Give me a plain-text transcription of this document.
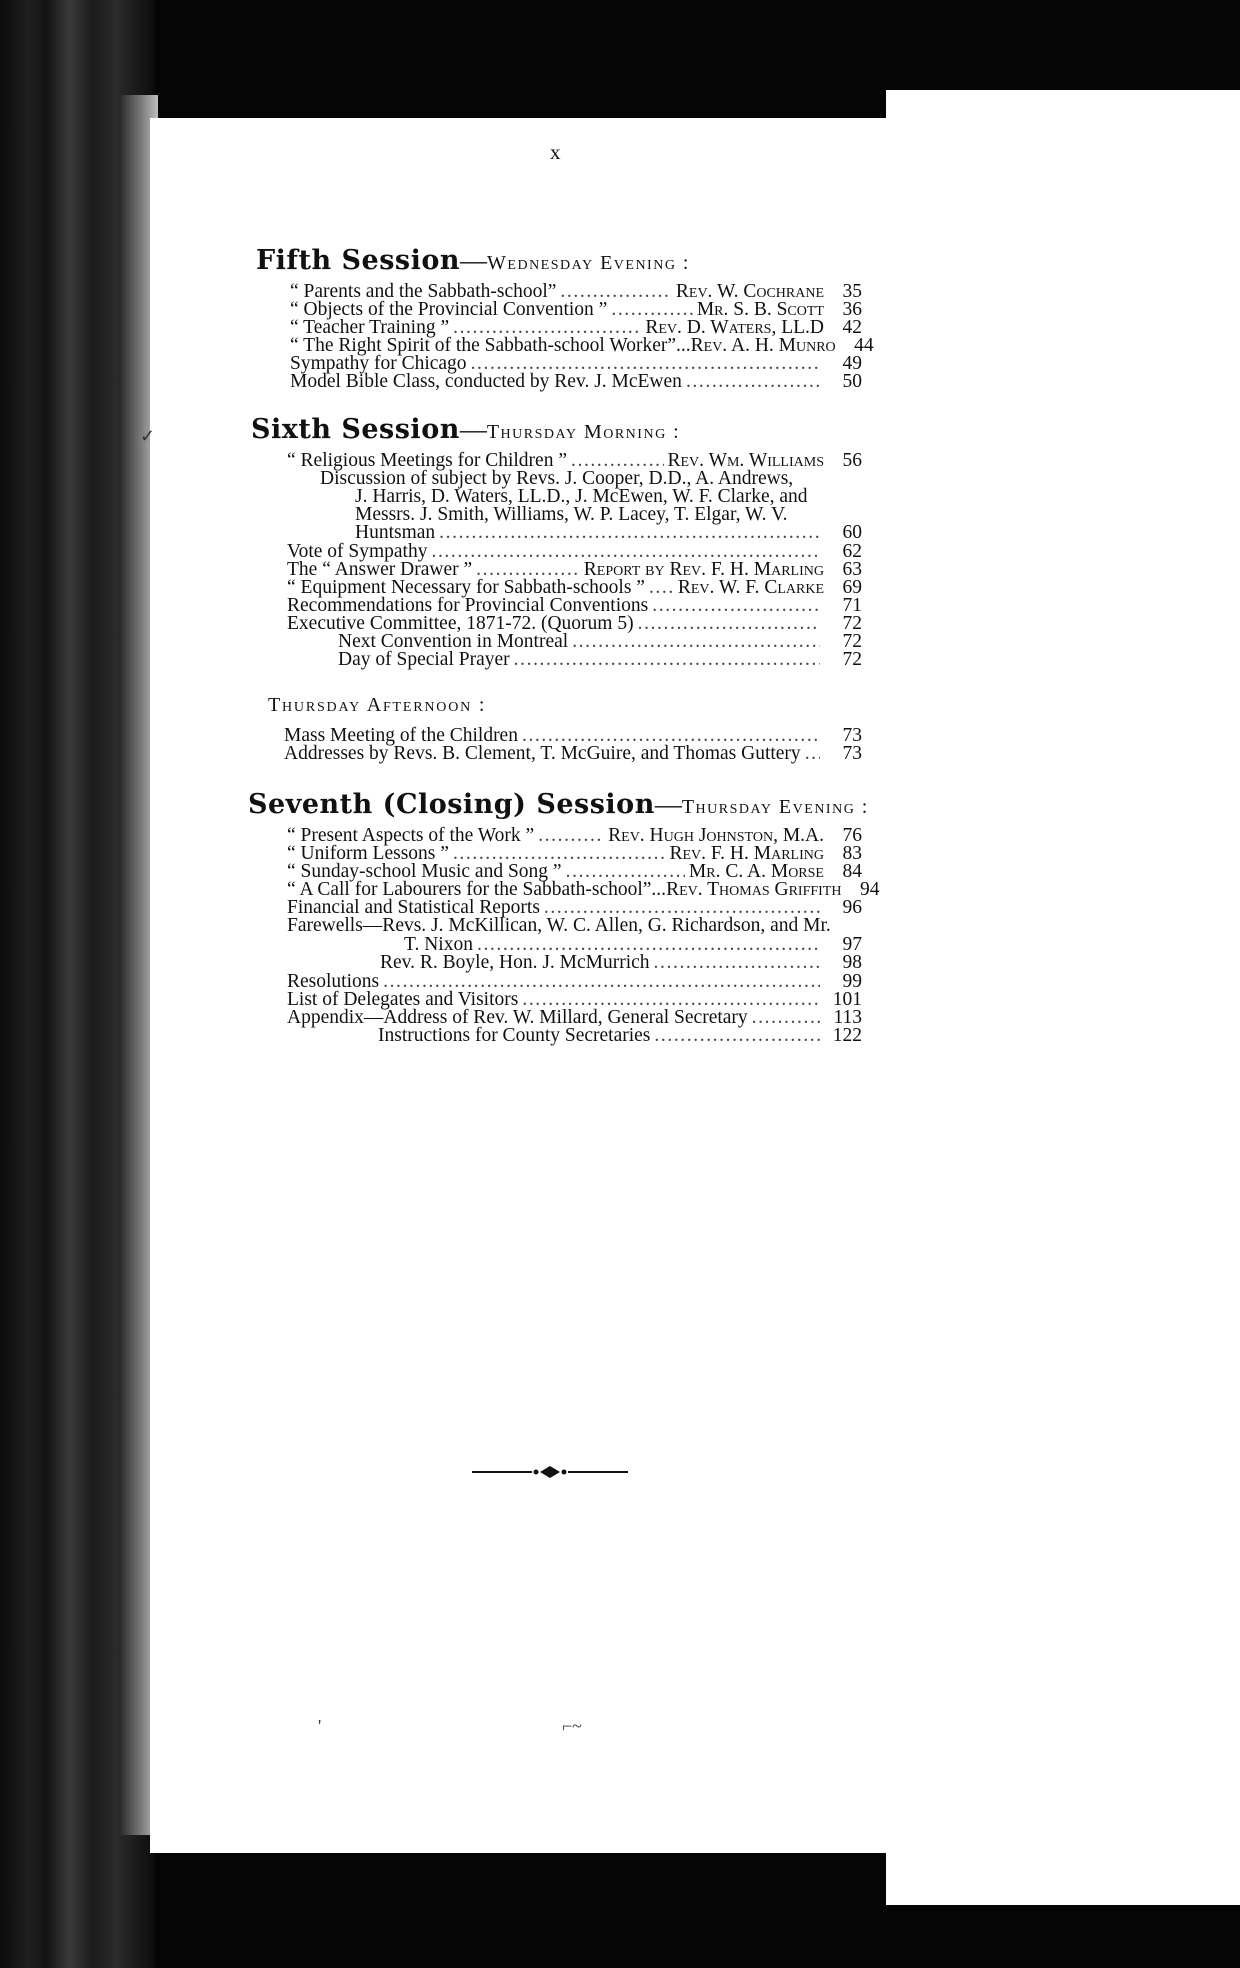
x
Fifth Session—Wednesday Evening :
“ Parents and the Sabbath-school” .....	Rev. W. Cochrane 35
“ Objects of the Provincial Convention ” .....	Mr. S. B. Scott 36
“ Teacher Training ” .....	Rev. D. Waters, LL.D 42
“ The Right Spirit of the Sabbath-school Worker”... Rev. A. H. Munro 44
Sympathy for Chicago .....	49
Model Bible Class, conducted by Rev. J. McEwen .....	50
Sixth Session—Thursday Morning :
✓
“ Religious Meetings for Children ” .....	Rev. Wm. Williams 56
Discussion of subject by Revs. J. Cooper, D.D., A. Andrews,
J. Harris, D. Waters, LL.D., J. McEwen, W. F. Clarke, and
Messrs. J. Smith, Williams, W. P. Lacey, T. Elgar, W. V.
Huntsman .....	60
Vote of Sympathy .....	62
The “ Answer Drawer ” .....	Report by Rev. F. H. Marling 63
“ Equipment Necessary for Sabbath-schools ” ..... Rev. W. F. Clarke 69
Recommendations for Provincial Conventions .....	71
Executive Committee, 1871-72. (Quorum 5) .....	72
Next Convention in Montreal .....	72
Day of Special Prayer .....	72
Thursday Afternoon :
Mass Meeting of the Children .....	73
Addresses by Revs. B. Clement, T. McGuire, and Thomas Guttery .....	73
Seventh (Closing) Session—Thursday Evening :
“ Present Aspects of the Work ” .....	Rev. Hugh Johnston, M.A. 76
“ Uniform Lessons ” .....	Rev. F. H. Marling 83
“ Sunday-school Music and Song ” .....	Mr. C. A. Morse 84
“ A Call for Labourers for the Sabbath-school”... Rev. Thomas Griffith 94
Financial and Statistical Reports .....	96
Farewells—Revs. J. McKillican, W. C. Allen, G. Richardson, and Mr.
T. Nixon .....	97
Rev. R. Boyle, Hon. J. McMurrich .....	98
Resolutions .....	99
List of Delegates and Visitors .....	101
Appendix—Address of Rev. W. Millard, General Secretary .....	113
Instructions for County Secretaries .....	122
'	⌐~
